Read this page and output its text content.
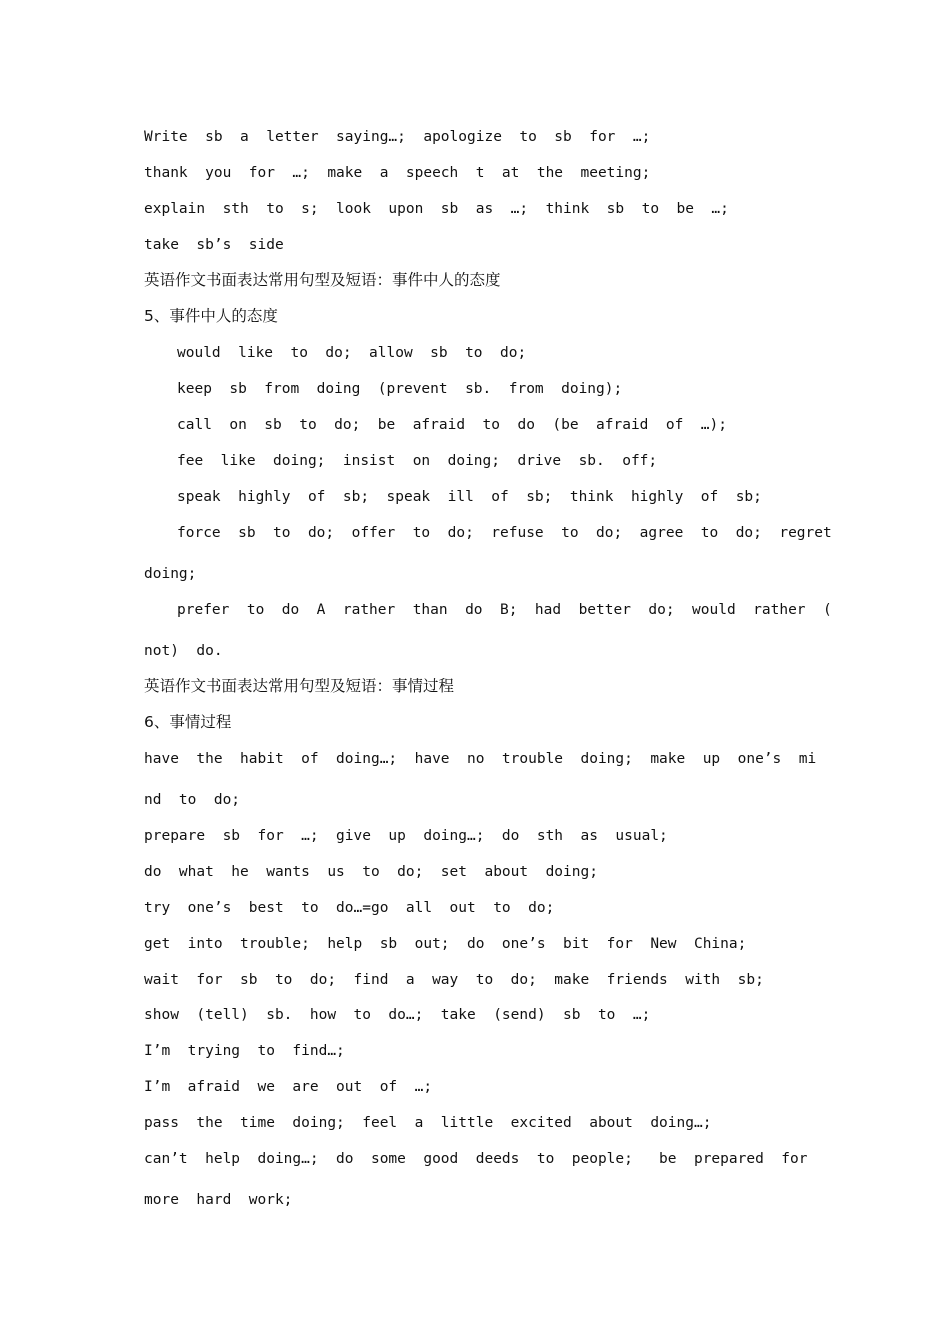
Write  sb  a  letter  saying…;  apologize  to  sb  for  …;
thank  you  for  …;  make  a  speech  t  at  the  meeting;
explain  sth  to  s;  look  upon  sb  as  …;  think  sb  to  be  …;
take  sb’s  side
英语作文书面表达常用句型及短语：事件中人的态度
5、事件中人的态度
would  like  to  do;  allow  sb  to  do;
keep  sb  from  doing  (prevent  sb.  from  doing);
call  on  sb  to  do;  be  afraid  to  do  (be  afraid  of  …);
fee  like  doing;  insist  on  doing;  drive  sb.  off;
speak  highly  of  sb;  speak  ill  of  sb;  think  highly  of  sb;
force  sb  to  do;  offer  to  do;  refuse  to  do;  agree  to  do;  regret
doing;
prefer  to  do  A  rather  than  do  B;  had  better  do;  would  rather  (
not)  do.
英语作文书面表达常用句型及短语：事情过程
6、事情过程
have  the  habit  of  doing…;  have  no  trouble  doing;  make  up  one’s  mi
nd  to  do;
prepare  sb  for  …;  give  up  doing…;  do  sth  as  usual;
do  what  he  wants  us  to  do;  set  about  doing;
try  one’s  best  to  do…=go  all  out  to  do;
get  into  trouble;  help  sb  out;  do  one’s  bit  for  New  China;
wait  for  sb  to  do;  find  a  way  to  do;  make  friends  with  sb;
show  (tell)  sb.  how  to  do…;  take  (send)  sb  to  …;
I’m  trying  to  find…;
I’m  afraid  we  are  out  of  …;
pass  the  time  doing;  feel  a  little  excited  about  doing…;
can’t  help  doing…;  do  some  good  deeds  to  people;   be  prepared  for
more  hard  work;
